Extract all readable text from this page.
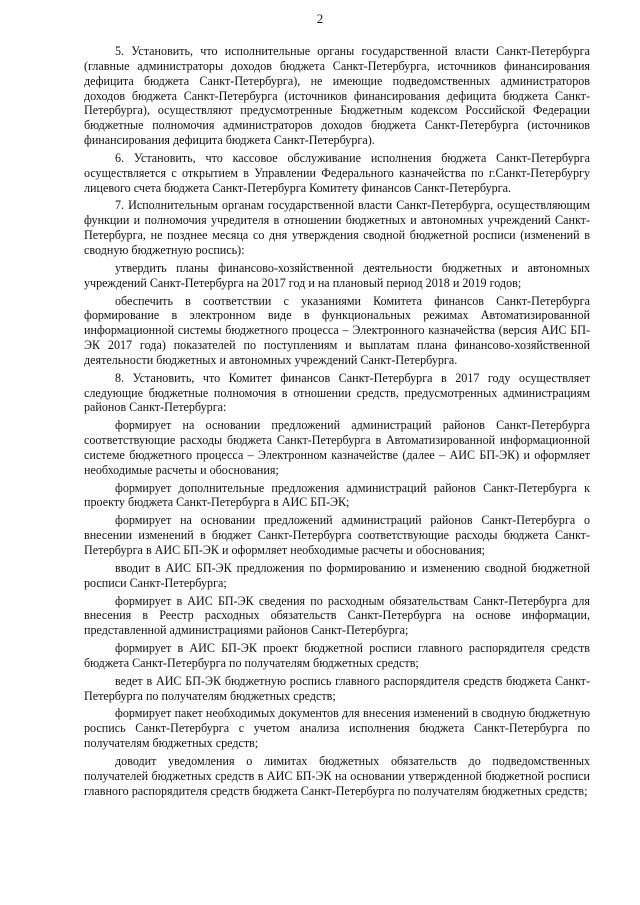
2

5. Установить, что исполнительные органы государственной власти Санкт-Петербурга (главные администраторы доходов бюджета Санкт-Петербурга, источников финансирования дефицита бюджета Санкт-Петербурга), не имеющие подведомственных администраторов доходов бюджета Санкт-Петербурга (источников финансирования дефицита бюджета Санкт-Петербурга), осуществляют предусмотренные Бюджетным кодексом Российской Федерации бюджетные полномочия администраторов доходов бюджета Санкт-Петербурга (источников финансирования дефицита бюджета Санкт-Петербурга).

6. Установить, что кассовое обслуживание исполнения бюджета Санкт-Петербурга осуществляется с открытием в Управлении Федерального казначейства по г.Санкт-Петербургу лицевого счета бюджета Санкт-Петербурга Комитету финансов Санкт-Петербурга.

7. Исполнительным органам государственной власти Санкт-Петербурга, осуществляющим функции и полномочия учредителя в отношении бюджетных и автономных учреждений Санкт-Петербурга, не позднее месяца со дня утверждения сводной бюджетной росписи (изменений в сводную бюджетную роспись):

утвердить планы финансово-хозяйственной деятельности бюджетных и автономных учреждений Санкт-Петербурга на 2017 год и на плановый период 2018 и 2019 годов;

обеспечить в соответствии с указаниями Комитета финансов Санкт-Петербурга формирование в электронном виде в функциональных режимах Автоматизированной информационной системы бюджетного процесса – Электронного казначейства (версия АИС БП-ЭК 2017 года) показателей по поступлениям и выплатам плана финансово-хозяйственной деятельности бюджетных и автономных учреждений Санкт-Петербурга.

8. Установить, что Комитет финансов Санкт-Петербурга в 2017 году осуществляет следующие бюджетные полномочия в отношении средств, предусмотренных администрациям районов Санкт-Петербурга:

формирует на основании предложений администраций районов Санкт-Петербурга соответствующие расходы бюджета Санкт-Петербурга в Автоматизированной информационной системе бюджетного процесса – Электронном казначействе (далее – АИС БП-ЭК) и оформляет необходимые расчеты и обоснования;

формирует дополнительные предложения администраций районов Санкт-Петербурга к проекту бюджета Санкт-Петербурга в АИС БП-ЭК;

формирует на основании предложений администраций районов Санкт-Петербурга о внесении изменений в бюджет Санкт-Петербурга соответствующие расходы бюджета Санкт-Петербурга в АИС БП-ЭК и оформляет необходимые расчеты и обоснования;

вводит в АИС БП-ЭК предложения по формированию и изменению сводной бюджетной росписи Санкт-Петербурга;

формирует в АИС БП-ЭК сведения по расходным обязательствам Санкт-Петербурга для внесения в Реестр расходных обязательств Санкт-Петербурга на основе информации, представленной администрациями районов Санкт-Петербурга;

формирует в АИС БП-ЭК проект бюджетной росписи главного распорядителя средств бюджета Санкт-Петербурга по получателям бюджетных средств;

ведет в АИС БП-ЭК бюджетную роспись главного распорядителя средств бюджета Санкт-Петербурга по получателям бюджетных средств;

формирует пакет необходимых документов для внесения изменений в сводную бюджетную роспись Санкт-Петербурга с учетом анализа исполнения бюджета Санкт-Петербурга по получателям бюджетных средств;

доводит уведомления о лимитах бюджетных обязательств до подведомственных получателей бюджетных средств в АИС БП-ЭК на основании утвержденной бюджетной росписи главного распорядителя средств бюджета Санкт-Петербурга по получателям бюджетных средств;
